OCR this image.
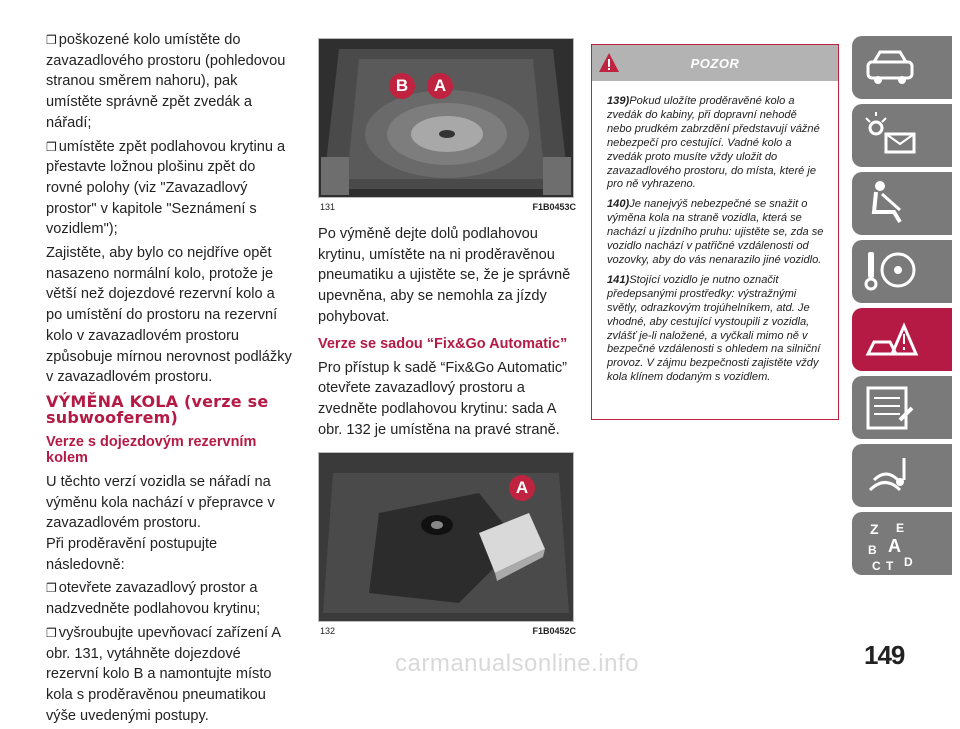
❒ poškozené kolo umístěte do zavazadlového prostoru (pohledovou stranou směrem nahoru), pak umístěte správně zpět zvedák a nářadí;

❒ umístěte zpět podlahovou krytinu a přestavte ložnou plošinu zpět do rovné polohy (viz "Zavazadlový prostor" v kapitole "Seznámení s vozidlem");

Zajistěte, aby bylo co nejdříve opět nasazeno normální kolo, protože je větší než dojezdové rezervní kolo a po umístění do prostoru na rezervní kolo v zavazadlovém prostoru způsobuje mírnou nerovnost podlážky v zavazadlovém prostoru.

VÝMĚNA KOLA (verze se subwooferem)
Verze s dojezdovým rezervním kolem

U těchto verzí vozidla se nářadí na výměnu kola nachází v přepravce v zavazadlovém prostoru.

Při proděravění postupujte následovně:

❒ otevřete zavazadlový prostor a nadzvedněte podlahovou krytinu;

❒ vyšroubujte upevňovací zařízení A obr. 131, vytáhněte dojezdové rezervní kolo B a namontujte místo kola s proděravěnou pneumatikou výše uvedenými postupy.

B	A
131	F1B0453C

Po výměně dejte dolů podlahovou krytinu, umístěte na ni proděravěnou pneumatiku a ujistěte se, že je správně upevněna, aby se nemohla za jízdy pohybovat.

Verze se sadou “Fix&Go Automatic”

Pro přístup k sadě “Fix&Go Automatic” otevřete zavazadlový prostoru a zvedněte podlahovou krytinu: sada A obr. 132 je umístěna na pravé straně.

A
132	F1B0452C
POZOR

139)Pokud uložíte proděravěné kolo a zvedák do kabiny, při dopravní nehodě nebo prudkém zabrzdění představují vážné nebezpečí pro cestující. Vadné kolo a zvedák proto musíte vždy uložit do zavazadlového prostoru, do místa, které je pro ně vyhrazeno.

140)Je nanejvýš nebezpečné se snažit o výměna kola na straně vozidla, která se nachází u jízdního pruhu: ujistěte se, zda se vozidlo nachází v patřičné vzdálenosti od vozovky, aby do vás nenarazilo jiné vozidlo.

141)Stojící vozidlo je nutno označit předepsanými prostředky: výstražnými světly, odrazkovým trojúhelníkem, atd. Je vhodné, aby cestující vystoupili z vozidla, zvlášť je-li naložené, a vyčkali mimo ně v bezpečné vzdálenosti s ohledem na silniční provoz. V zájmu bezpečnosti zajistěte vždy kola klínem dodaným s vozidlem.

Z E
B A
C T D
149
carmanualsonline.info
